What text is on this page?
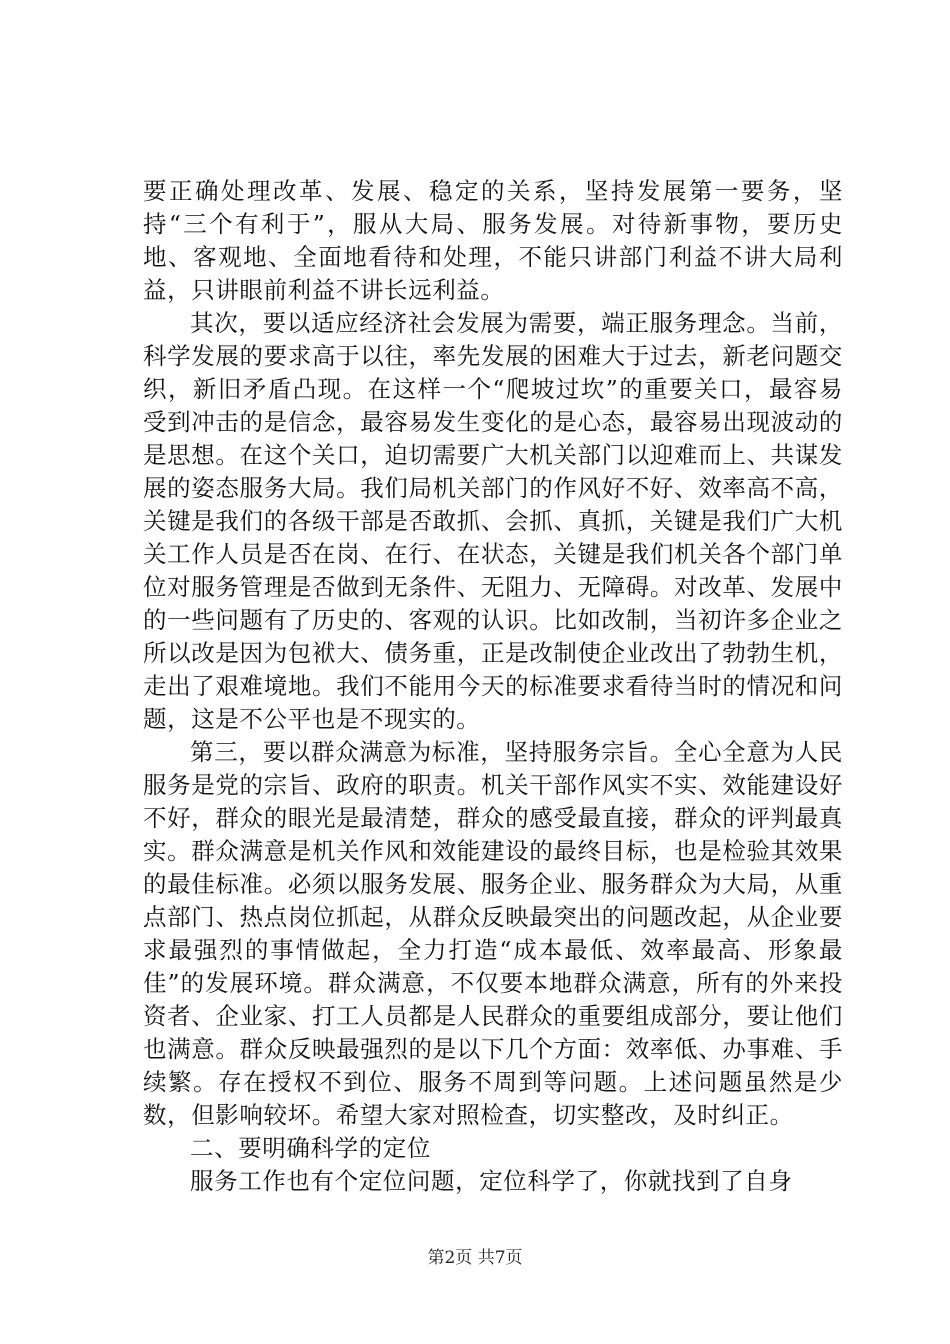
要正确处理改革、发展、稳定的关系，坚持发展第一要务，坚持“三个有利于”，服从大局、服务发展。对待新事物，要历史地、客观地、全面地看待和处理，不能只讲部门利益不讲大局利益，只讲眼前利益不讲长远利益。

其次，要以适应经济社会发展为需要，端正服务理念。当前，科学发展的要求高于以往，率先发展的困难大于过去，新老问题交织，新旧矛盾凸现。在这样一个“爬坡过坎”的重要关口，最容易受到冲击的是信念，最容易发生变化的是心态，最容易出现波动的是思想。在这个关口，迫切需要广大机关部门以迎难而上、共谋发展的姿态服务大局。我们局机关部门的作风好不好、效率高不高，关键是我们的各级干部是否敢抓、会抓、真抓，关键是我们广大机关工作人员是否在岗、在行、在状态，关键是我们机关各个部门单位对服务管理是否做到无条件、无阻力、无障碍。对改革、发展中的一些问题有了历史的、客观的认识。比如改制，当初许多企业之所以改是因为包袱大、债务重，正是改制使企业改出了勃勃生机，走出了艰难境地。我们不能用今天的标准要求看待当时的情况和问题，这是不公平也是不现实的。

第三，要以群众满意为标准，坚持服务宗旨。全心全意为人民服务是党的宗旨、政府的职责。机关干部作风实不实、效能建设好不好，群众的眼光是最清楚，群众的感受最直接，群众的评判最真实。群众满意是机关作风和效能建设的最终目标，也是检验其效果的最佳标准。必须以服务发展、服务企业、服务群众为大局，从重点部门、热点岗位抓起，从群众反映最突出的问题改起，从企业要求最强烈的事情做起，全力打造“成本最低、效率最高、形象最佳”的发展环境。群众满意，不仅要本地群众满意，所有的外来投资者、企业家、打工人员都是人民群众的重要组成部分，要让他们也满意。群众反映最强烈的是以下几个方面：效率低、办事难、手续繁。存在授权不到位、服务不周到等问题。上述问题虽然是少数，但影响较坏。希望大家对照检查，切实整改，及时纠正。

二、要明确科学的定位

服务工作也有个定位问题，定位科学了，你就找到了自身

第2页 共7页
